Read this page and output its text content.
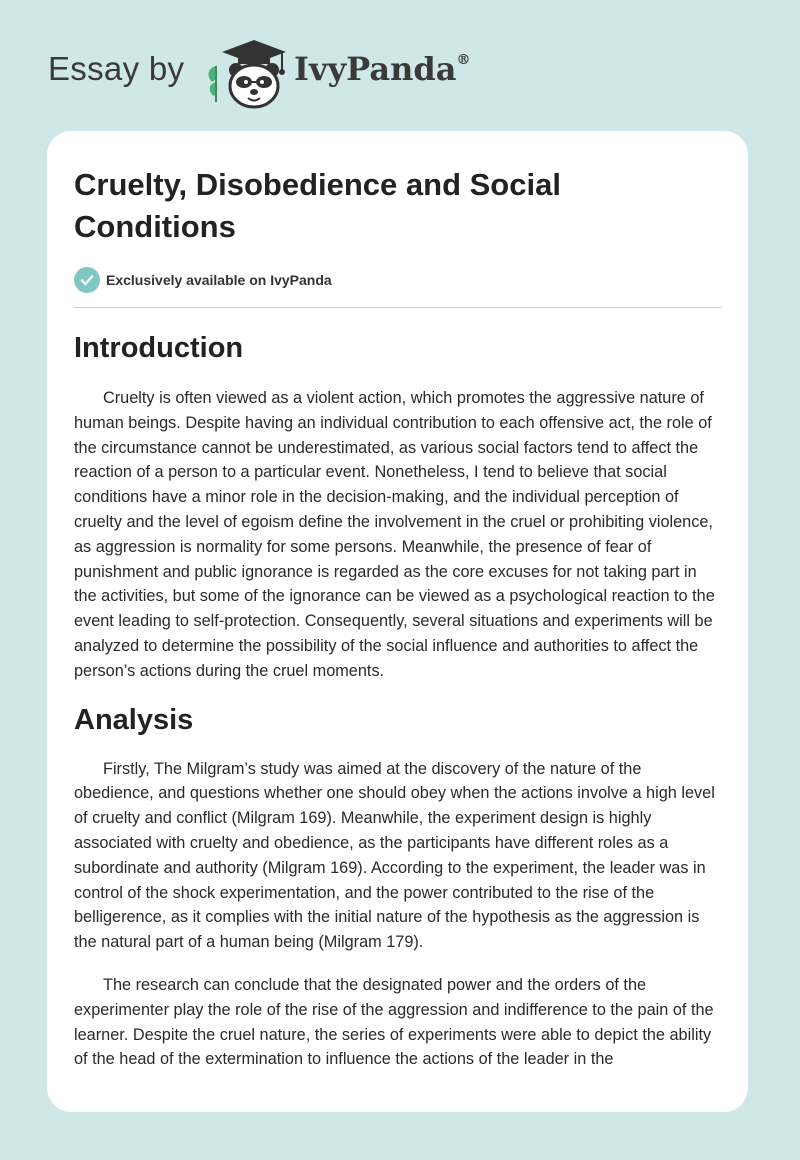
Essay by	IvyPanda®
Cruelty, Disobedience and Social Conditions
Exclusively available on IvyPanda
Introduction

Cruelty is often viewed as a violent action, which promotes the aggressive nature of human beings. Despite having an individual contribution to each offensive act, the role of the circumstance cannot be underestimated, as various social factors tend to affect the reaction of a person to a particular event. Nonetheless, I tend to believe that social conditions have a minor role in the decision-making, and the individual perception of cruelty and the level of egoism define the involvement in the cruel or prohibiting violence, as aggression is normality for some persons. Meanwhile, the presence of fear of punishment and public ignorance is regarded as the core excuses for not taking part in the activities, but some of the ignorance can be viewed as a psychological reaction to the event leading to self-protection. Consequently, several situations and experiments will be analyzed to determine the possibility of the social influence and authorities to affect the person’s actions during the cruel moments.

Analysis

Firstly, The Milgram’s study was aimed at the discovery of the nature of the obedience, and questions whether one should obey when the actions involve a high level of cruelty and conflict (Milgram 169). Meanwhile, the experiment design is highly associated with cruelty and obedience, as the participants have different roles as a subordinate and authority (Milgram 169). According to the experiment, the leader was in control of the shock experimentation, and the power contributed to the rise of the belligerence, as it complies with the initial nature of the hypothesis as the aggression is the natural part of a human being (Milgram 179).

The research can conclude that the designated power and the orders of the experimenter play the role of the rise of the aggression and indifference to the pain of the learner. Despite the cruel nature, the series of experiments were able to depict the ability of the head of the extermination to influence the actions of the leader in the
